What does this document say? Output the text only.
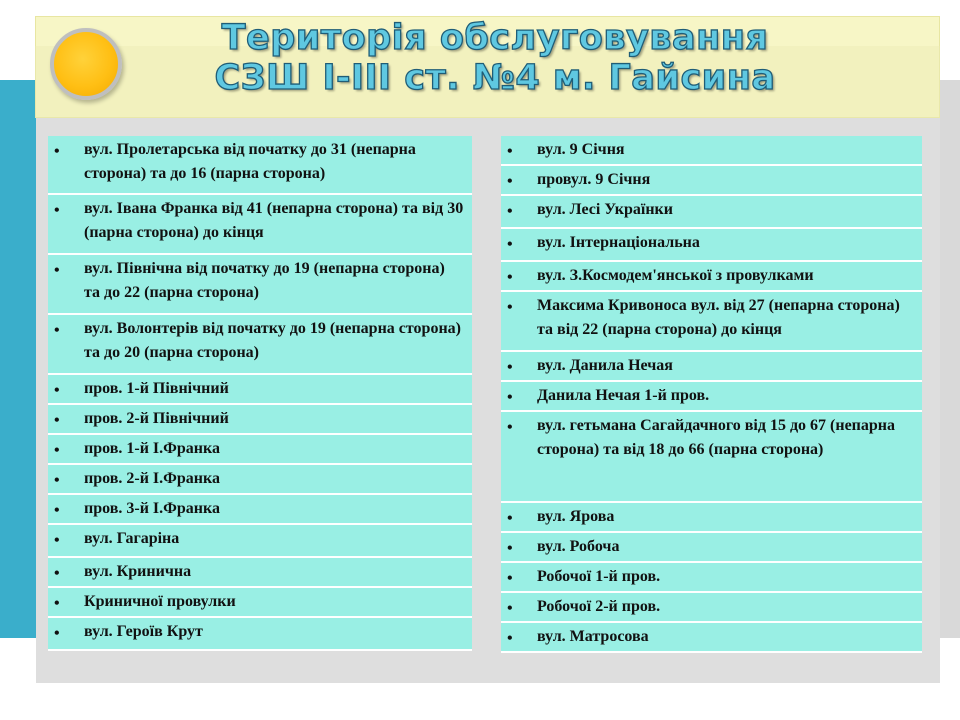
Територія обслуговування
СЗШ І-ІІІ ст. №4 м. Гайсина
•	вул. Пролетарська від початку до 31 (непарна сторона) та до 16 (парна сторона)
•	вул. Івана Франка від 41 (непарна сторона) та від 30 (парна сторона) до кінця
•	вул. Північна від початку до 19 (непарна сторона) та до 22 (парна сторона)
•	вул. Волонтерів від початку до 19 (непарна сторона) та до 20 (парна сторона)
•	пров. 1-й Північний
•	пров. 2-й Північний
•	пров. 1-й І.Франка
•	пров. 2-й І.Франка
•	пров. 3-й І.Франка
•	вул. Гагаріна
•	вул. Кринична
•	Криничної провулки
•	вул. Героїв Крут
•	вул. 9 Січня
•	провул. 9 Січня
•	вул. Лесі Українки
•	вул. Інтернаціональна
•	вул. З.Космодем'янської з провулками
•	Максима Кривоноса вул. від 27 (непарна сторона) та від 22 (парна сторона) до кінця
•	вул. Данила Нечая
•	Данила Нечая 1-й пров.
•	вул. гетьмана Сагайдачного від 15 до 67 (непарна сторона) та від 18 до 66 (парна сторона)
•	вул. Ярова
•	вул. Робоча
•	Робочої 1-й пров.
•	Робочої 2-й пров.
•	вул. Матросова
